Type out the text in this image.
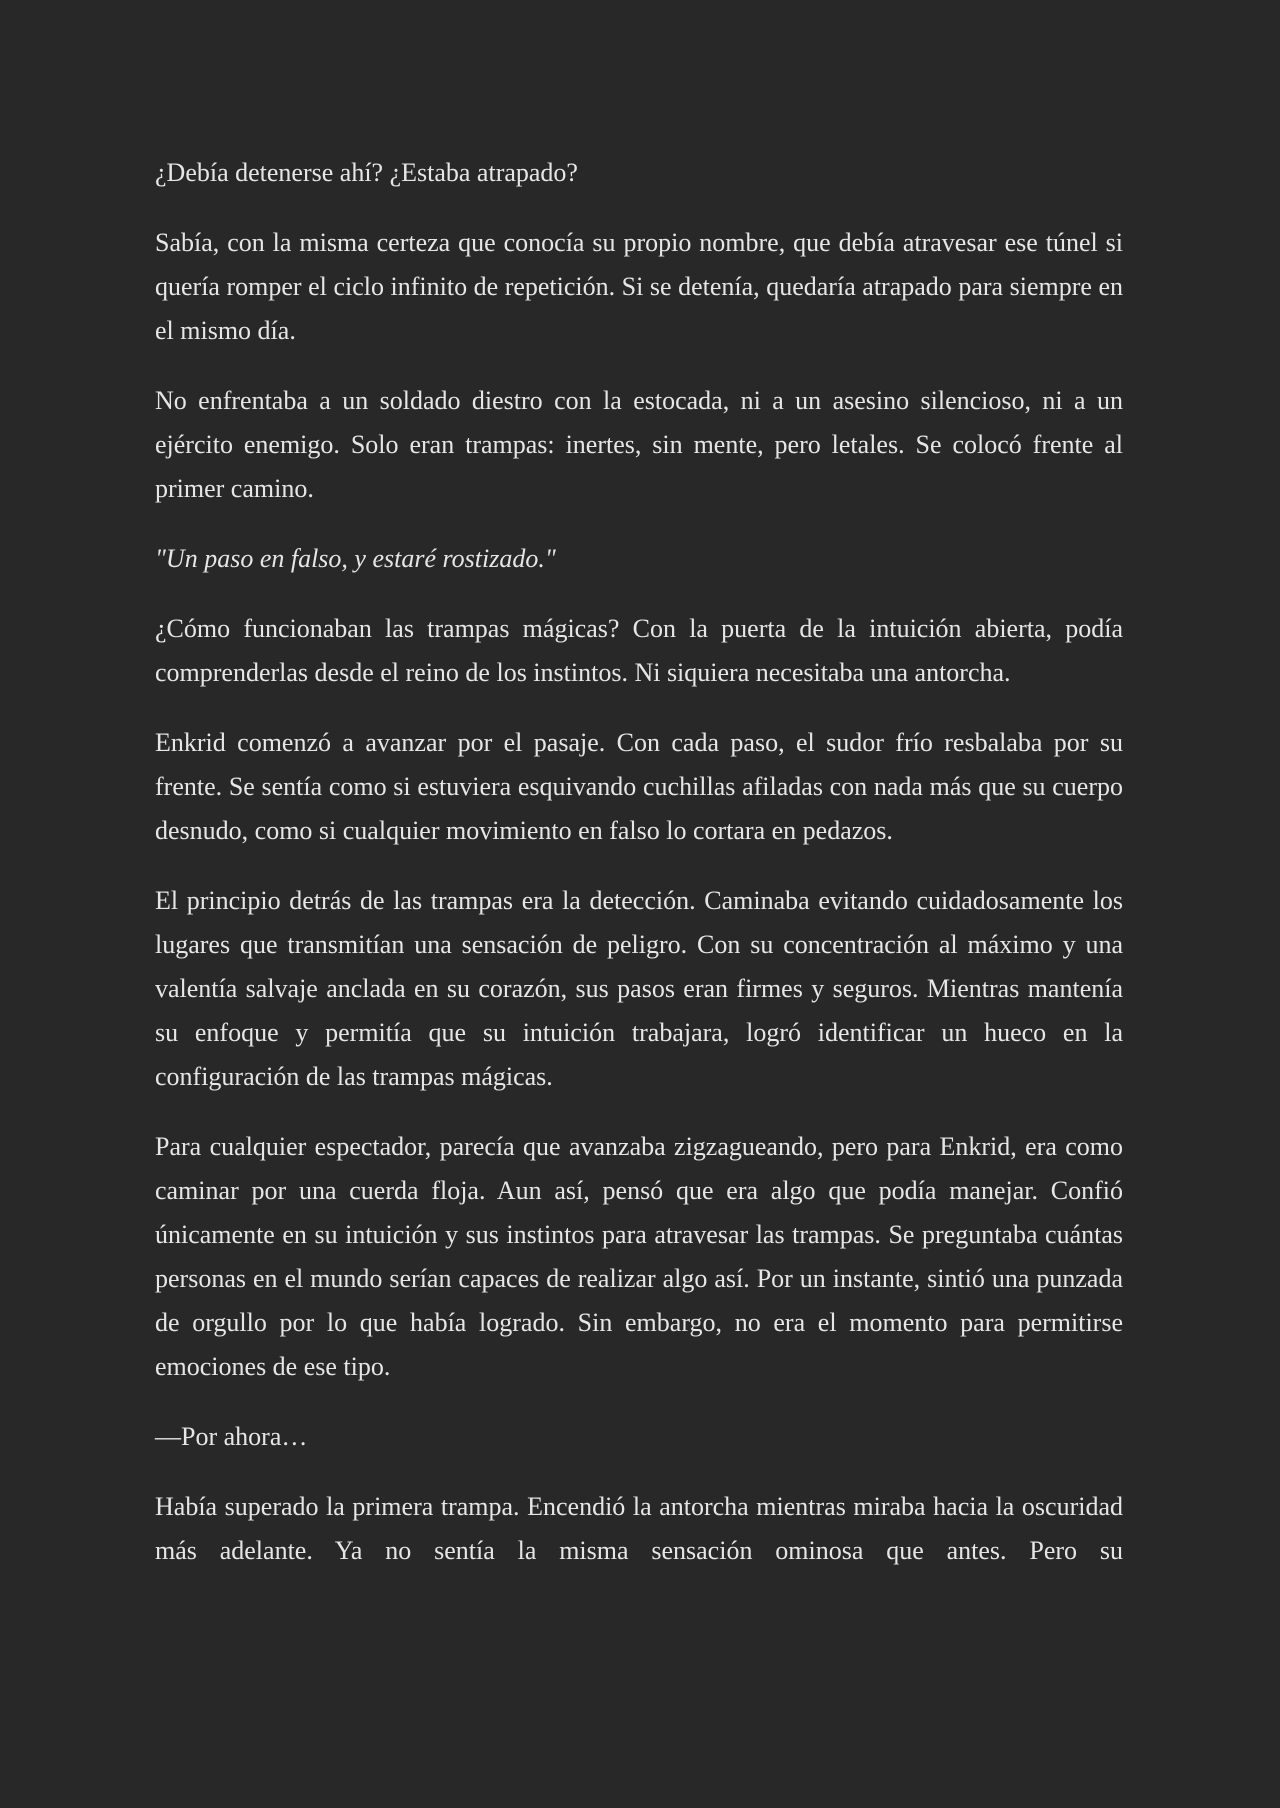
¿Debía detenerse ahí? ¿Estaba atrapado?

Sabía, con la misma certeza que conocía su propio nombre, que debía atravesar ese túnel si quería romper el ciclo infinito de repetición. Si se detenía, quedaría atrapado para siempre en el mismo día.

No enfrentaba a un soldado diestro con la estocada, ni a un asesino silencioso, ni a un ejército enemigo. Solo eran trampas: inertes, sin mente, pero letales. Se colocó frente al primer camino.

"Un paso en falso, y estaré rostizado."

¿Cómo funcionaban las trampas mágicas? Con la puerta de la intuición abierta, podía comprenderlas desde el reino de los instintos. Ni siquiera necesitaba una antorcha.

Enkrid comenzó a avanzar por el pasaje. Con cada paso, el sudor frío resbalaba por su frente. Se sentía como si estuviera esquivando cuchillas afiladas con nada más que su cuerpo desnudo, como si cualquier movimiento en falso lo cortara en pedazos.

El principio detrás de las trampas era la detección. Caminaba evitando cuidadosamente los lugares que transmitían una sensación de peligro. Con su concentración al máximo y una valentía salvaje anclada en su corazón, sus pasos eran firmes y seguros. Mientras mantenía su enfoque y permitía que su intuición trabajara, logró identificar un hueco en la configuración de las trampas mágicas.

Para cualquier espectador, parecía que avanzaba zigzagueando, pero para Enkrid, era como caminar por una cuerda floja. Aun así, pensó que era algo que podía manejar. Confió únicamente en su intuición y sus instintos para atravesar las trampas. Se preguntaba cuántas personas en el mundo serían capaces de realizar algo así. Por un instante, sintió una punzada de orgullo por lo que había logrado. Sin embargo, no era el momento para permitirse emociones de ese tipo.

—Por ahora…

Había superado la primera trampa. Encendió la antorcha mientras miraba hacia la oscuridad más adelante. Ya no sentía la misma sensación ominosa que antes. Pero su
